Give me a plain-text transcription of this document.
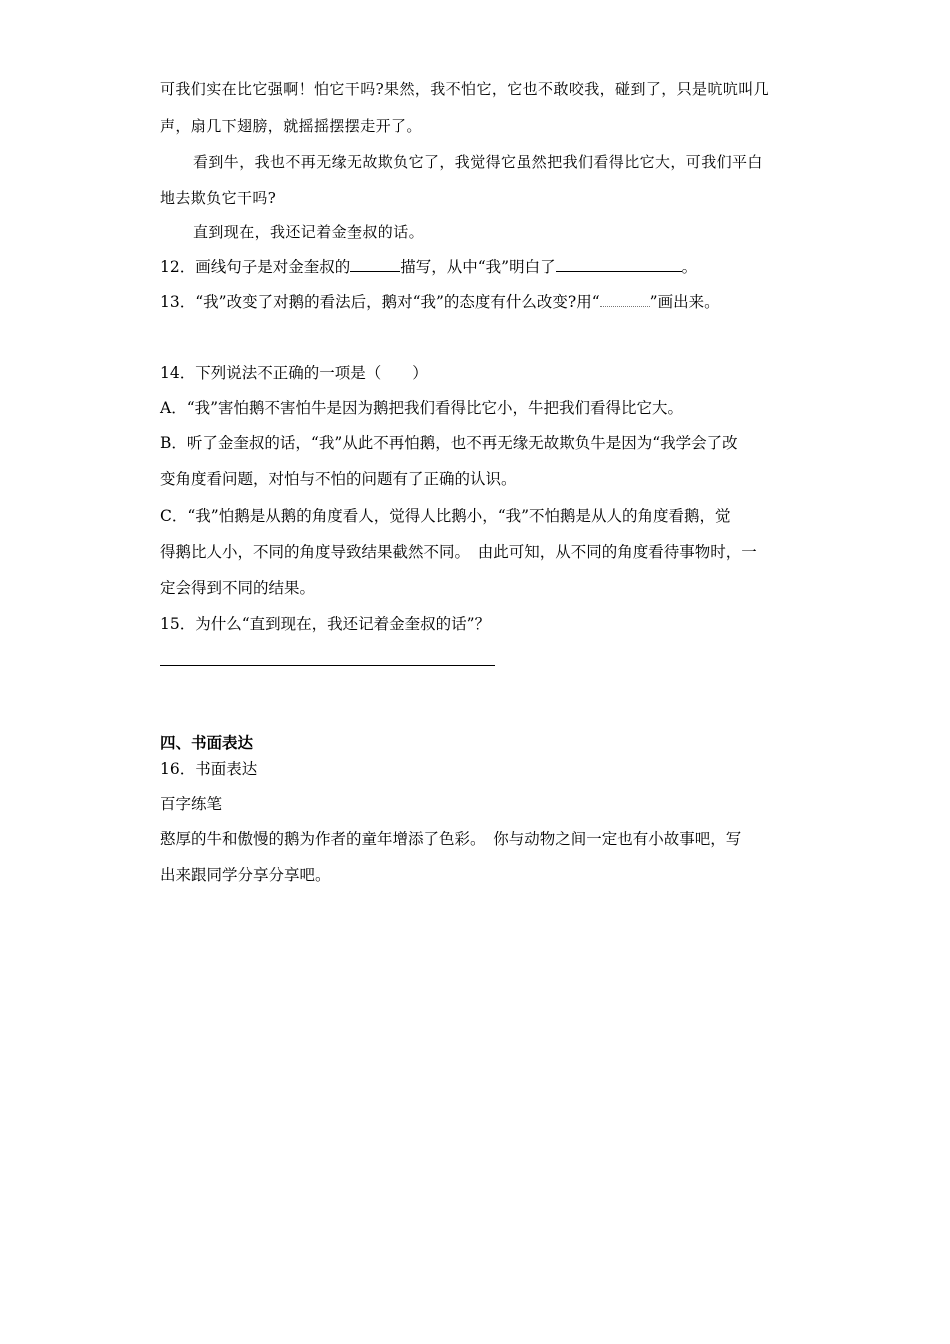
可我们实在比它强啊！怕它干吗?果然，我不怕它，它也不敢咬我，碰到了，只是吭吭叫几
声，扇几下翅膀，就摇摇摆摆走开了。
看到牛，我也不再无缘无故欺负它了，我觉得它虽然把我们看得比它大，可我们平白
地去欺负它干吗?
直到现在，我还记着金奎叔的话。
12．画线句子是对金奎叔的	描写，从中“我”明白了	。
13．“我”改变了对鹅的看法后，鹅对“我”的态度有什么改变?用“	”画出来。
14．下列说法不正确的一项是（　　）
A．“我”害怕鹅不害怕牛是因为鹅把我们看得比它小，牛把我们看得比它大。
B．听了金奎叔的话，“我”从此不再怕鹅，也不再无缘无故欺负牛是因为“我学会了改
变角度看问题，对怕与不怕的问题有了正确的认识。
C．“我”怕鹅是从鹅的角度看人，觉得人比鹅小，“我”不怕鹅是从人的角度看鹅，觉
得鹅比人小，不同的角度导致结果截然不同。　由此可知，从不同的角度看待事物时，一
定会得到不同的结果。
15．为什么“直到现在，我还记着金奎叔的话”？
四、书面表达
16．书面表达
百字练笔
憨厚的牛和傲慢的鹅为作者的童年增添了色彩。　你与动物之间一定也有小故事吧，写
出来跟同学分享分享吧。
